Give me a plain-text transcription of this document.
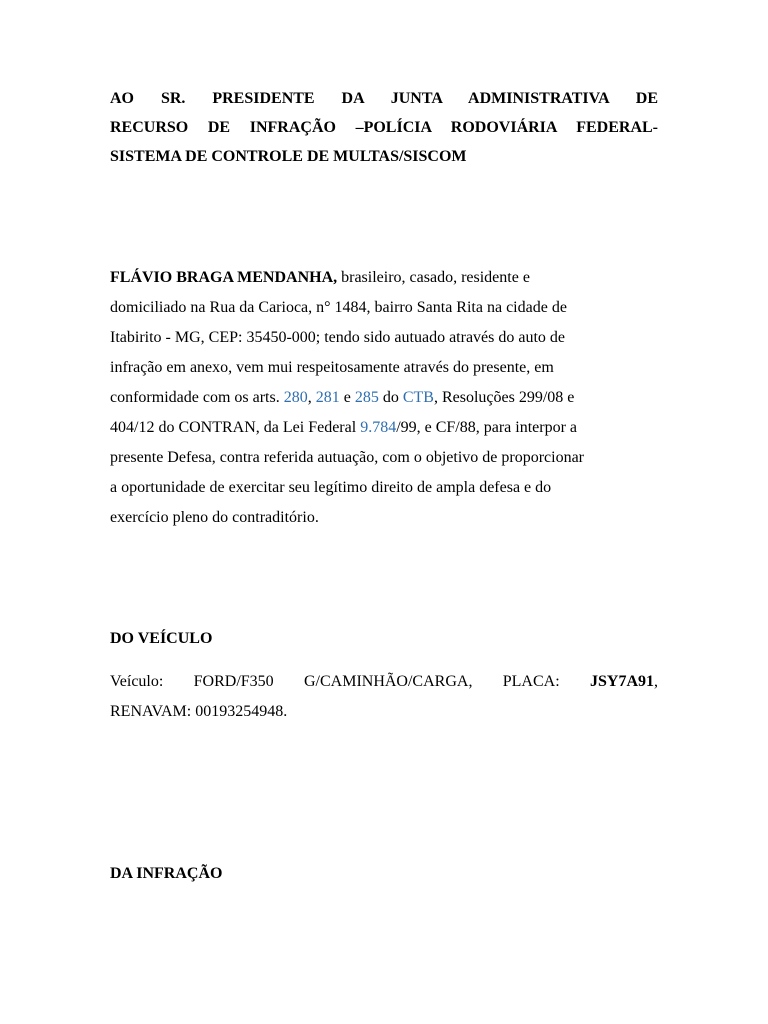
AO SR. PRESIDENTE DA JUNTA ADMINISTRATIVA DE
RECURSO DE INFRAÇÃO –POLÍCIA RODOVIÁRIA FEDERAL-
SISTEMA DE CONTROLE DE MULTAS/SISCOM
FLÁVIO BRAGA MENDANHA, brasileiro, casado, residente e
domiciliado na Rua da Carioca, n° 1484, bairro Santa Rita na cidade de
Itabirito - MG, CEP: 35450-000; tendo sido autuado através do auto de
infração em anexo, vem mui respeitosamente através do presente, em
conformidade com os arts. 280, 281 e 285 do CTB, Resoluções 299/08 e
404/12 do CONTRAN, da Lei Federal 9.784/99, e CF/88, para interpor a
presente Defesa, contra referida autuação, com o objetivo de proporcionar
a oportunidade de exercitar seu legítimo direito de ampla defesa e do
exercício pleno do contraditório.
DO VEÍCULO
Veículo: FORD/F350 G/CAMINHÃO/CARGA, PLACA: JSY7A91,
RENAVAM: 00193254948.
DA INFRAÇÃO
